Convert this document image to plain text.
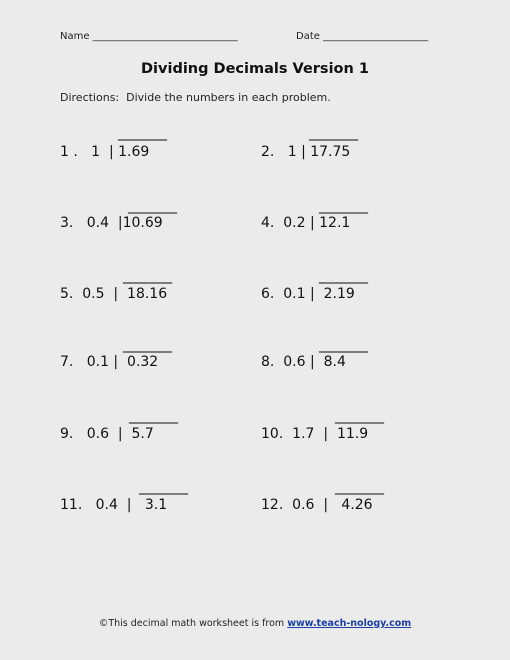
Name _____________________________	Date _____________________
Dividing Decimals Version 1
Directions:  Divide the numbers in each problem.
_______
1 .   1  | 1.69
_______
2.   1 | 17.75
_______
3.   0.4  |10.69
_______
4.  0.2 | 12.1
_______
5.  0.5  |  18.16
_______
6.  0.1 |  2.19
_______
7.   0.1 |  0.32
_______
8.  0.6 |  8.4
_______
9.   0.6  |  5.7
_______
10.  1.7  |  11.9
_______
11.   0.4  |   3.1
_______
12.  0.6  |   4.26
©This decimal math worksheet is from www.teach-nology.com
